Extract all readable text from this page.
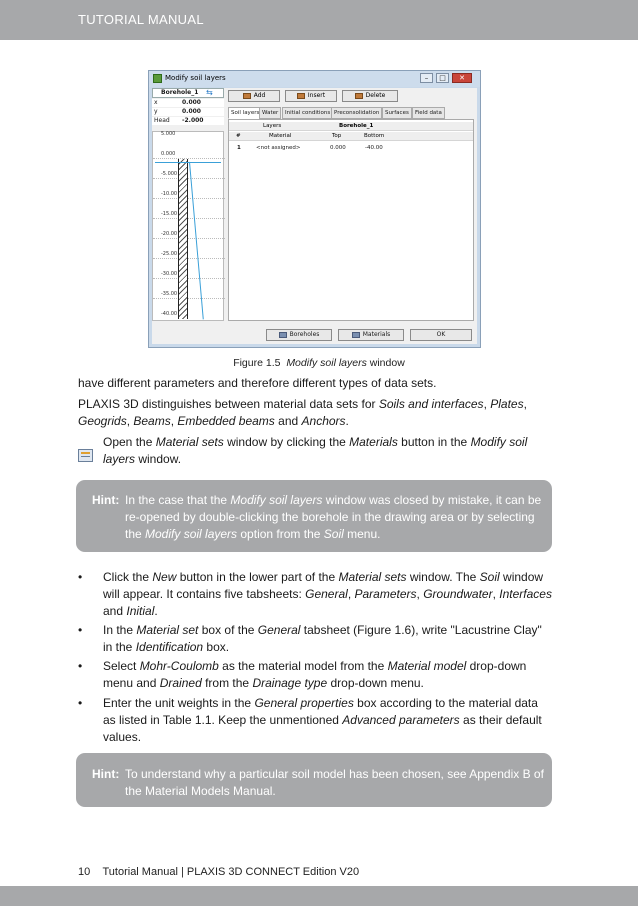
TUTORIAL MANUAL
Modify soil layers	–	□	✕
Borehole_1 ⇆
x	0.000
y	0.000
Head -2.000
5.000
0.000
-5.000
-10.00
-15.00
-20.00
-25.00
-30.00
-35.00
-40.00
Add	Insert	Delete
Soil layers Water	Initial conditions Preconsolidation	Surfaces	Field data
Layers	Borehole_1
#	Material	Top	Bottom
1	<not assigned>	0.000	-40.00
Boreholes	Materials	OK
Figure 1.5 Modify soil layers window
have different parameters and therefore different types of data sets.
PLAXIS 3D distinguishes between material data sets for Soils and interfaces, Plates,
Geogrids, Beams, Embedded beams and Anchors.
Open the Material sets window by clicking the Materials button in the Modify soil layers window.
Hint: In the case that the Modify soil layers window was closed by mistake, it can be re-opened by double-clicking the borehole in the drawing area or by selecting the Modify soil layers option from the Soil menu.
• Click the New button in the lower part of the Material sets window. The Soil window will appear. It contains five tabsheets: General, Parameters, Groundwater, Interfaces and Initial.
• In the Material set box of the General tabsheet (Figure 1.6), write "Lacustrine Clay" in the Identification box.
• Select Mohr-Coulomb as the material model from the Material model drop-down menu and Drained from the Drainage type drop-down menu.
• Enter the unit weights in the General properties box according to the material data as listed in Table 1.1. Keep the unmentioned Advanced parameters as their default values.
Hint: To understand why a particular soil model has been chosen, see Appendix B of the Material Models Manual.
10 Tutorial Manual | PLAXIS 3D CONNECT Edition V20
